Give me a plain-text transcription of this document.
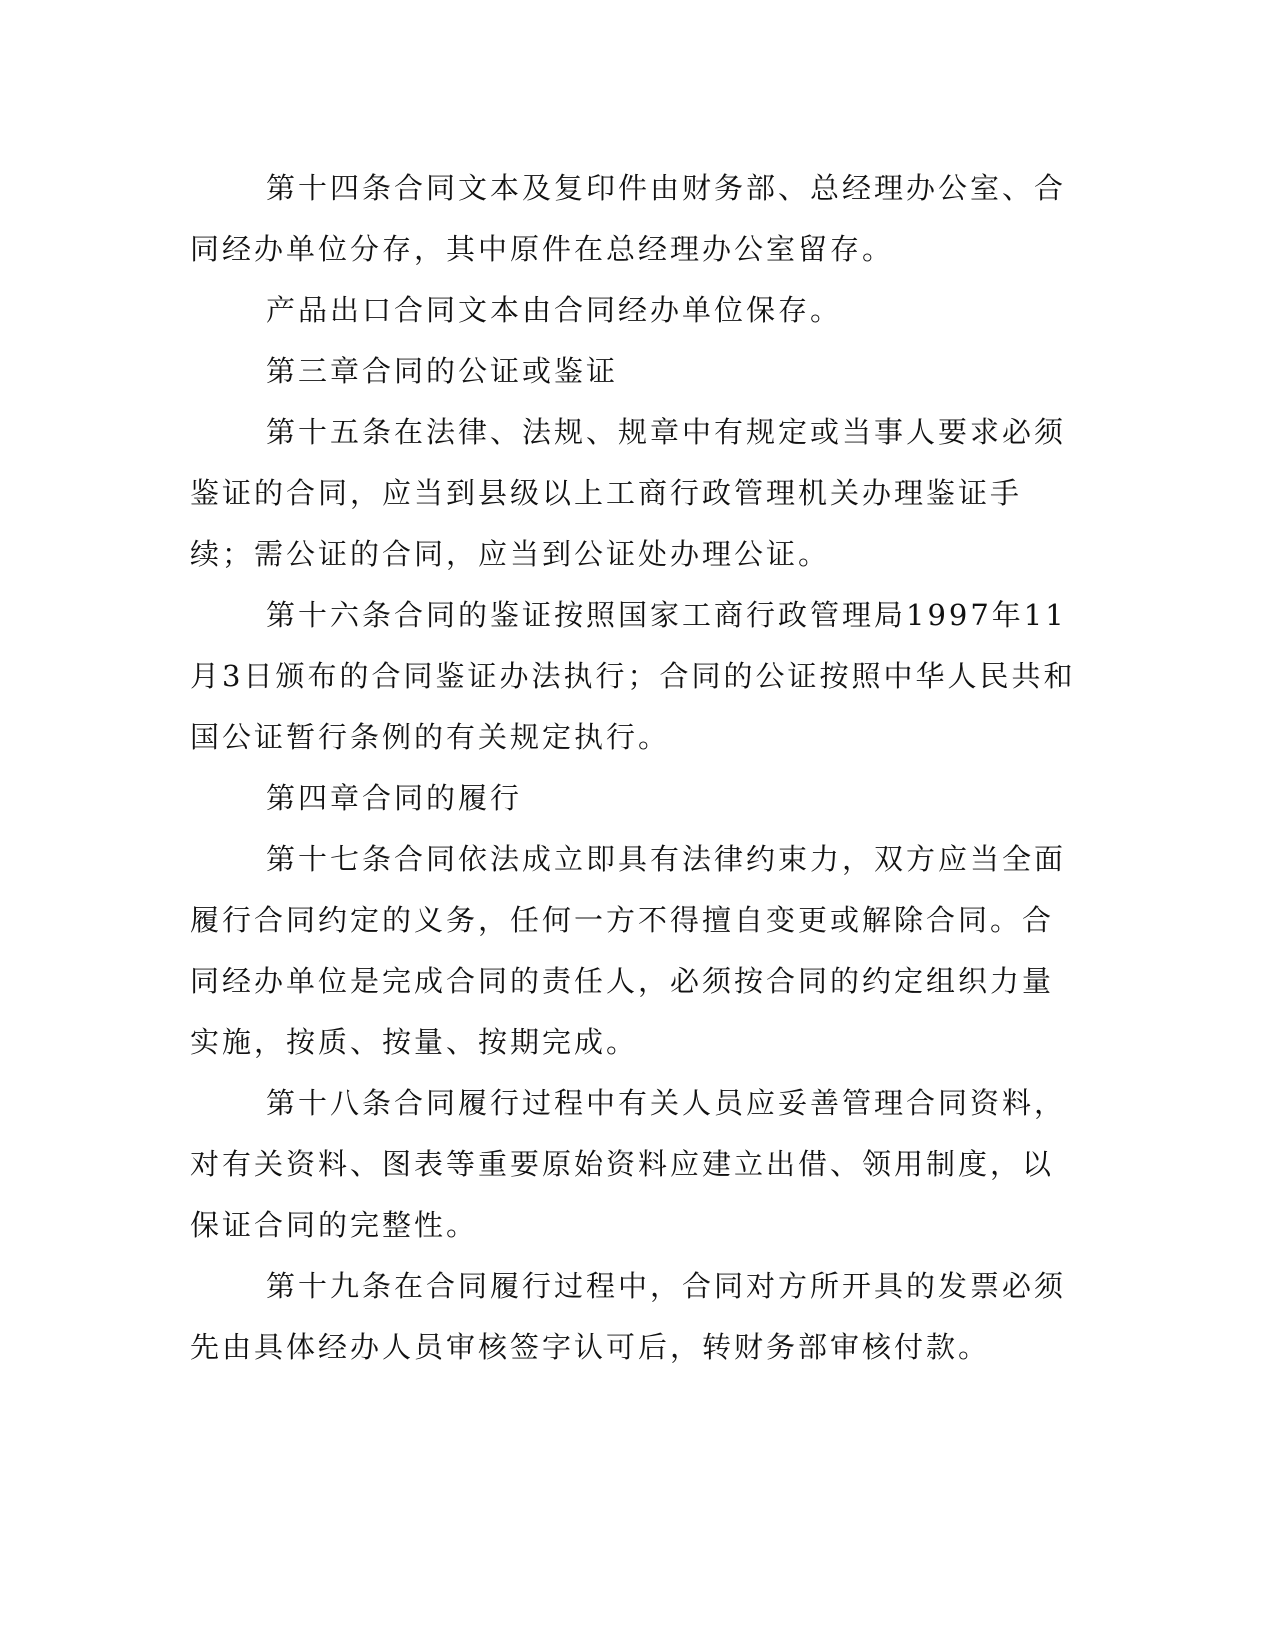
第十四条合同文本及复印件由财务部、总经理办公室、合同经办单位分存，其中原件在总经理办公室留存。

产品出口合同文本由合同经办单位保存。

第三章合同的公证或鉴证

第十五条在法律、法规、规章中有规定或当事人要求必须鉴证的合同，应当到县级以上工商行政管理机关办理鉴证手续；需公证的合同，应当到公证处办理公证。

第十六条合同的鉴证按照国家工商行政管理局1997年11月3日颁布的合同鉴证办法执行；合同的公证按照中华人民共和国公证暂行条例的有关规定执行。

第四章合同的履行

第十七条合同依法成立即具有法律约束力，双方应当全面履行合同约定的义务，任何一方不得擅自变更或解除合同。合同经办单位是完成合同的责任人，必须按合同的约定组织力量实施，按质、按量、按期完成。

第十八条合同履行过程中有关人员应妥善管理合同资料，对有关资料、图表等重要原始资料应建立出借、领用制度，以保证合同的完整性。

第十九条在合同履行过程中，合同对方所开具的发票必须先由具体经办人员审核签字认可后，转财务部审核付款。
